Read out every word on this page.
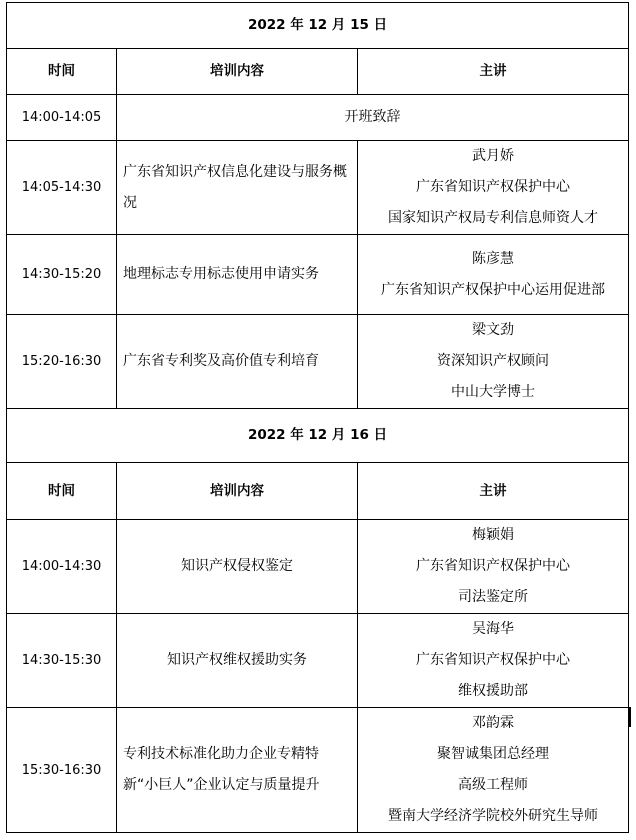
2022 年 12 月 15 日		
时间	培训内容	主讲
14:00-14:05	开班致辞	
14:05-14:30	广东省知识产权信息化建设与服务概况	武月娇
广东省知识产权保护中心
国家知识产权局专利信息师资人才

14:30-15:20	地理标志专用标志使用申请实务	陈彦慧
广东省知识产权保护中心运用促进部

15:20-16:30	广东省专利奖及高价值专利培育	梁文劲
资深知识产权顾问
中山大学博士

2022 年 12 月 16 日		
时间	培训内容	主讲
14:00-14:30	知识产权侵权鉴定	梅颖娟
广东省知识产权保护中心
司法鉴定所

14:30-15:30	知识产权维权援助实务	吴海华
广东省知识产权保护中心
维权援助部

15:30-16:30	专利技术标准化助力企业专精特新“小巨人”企业认定与质量提升	邓韵霖
聚智诚集团总经理
高级工程师
暨南大学经济学院校外研究生导师
